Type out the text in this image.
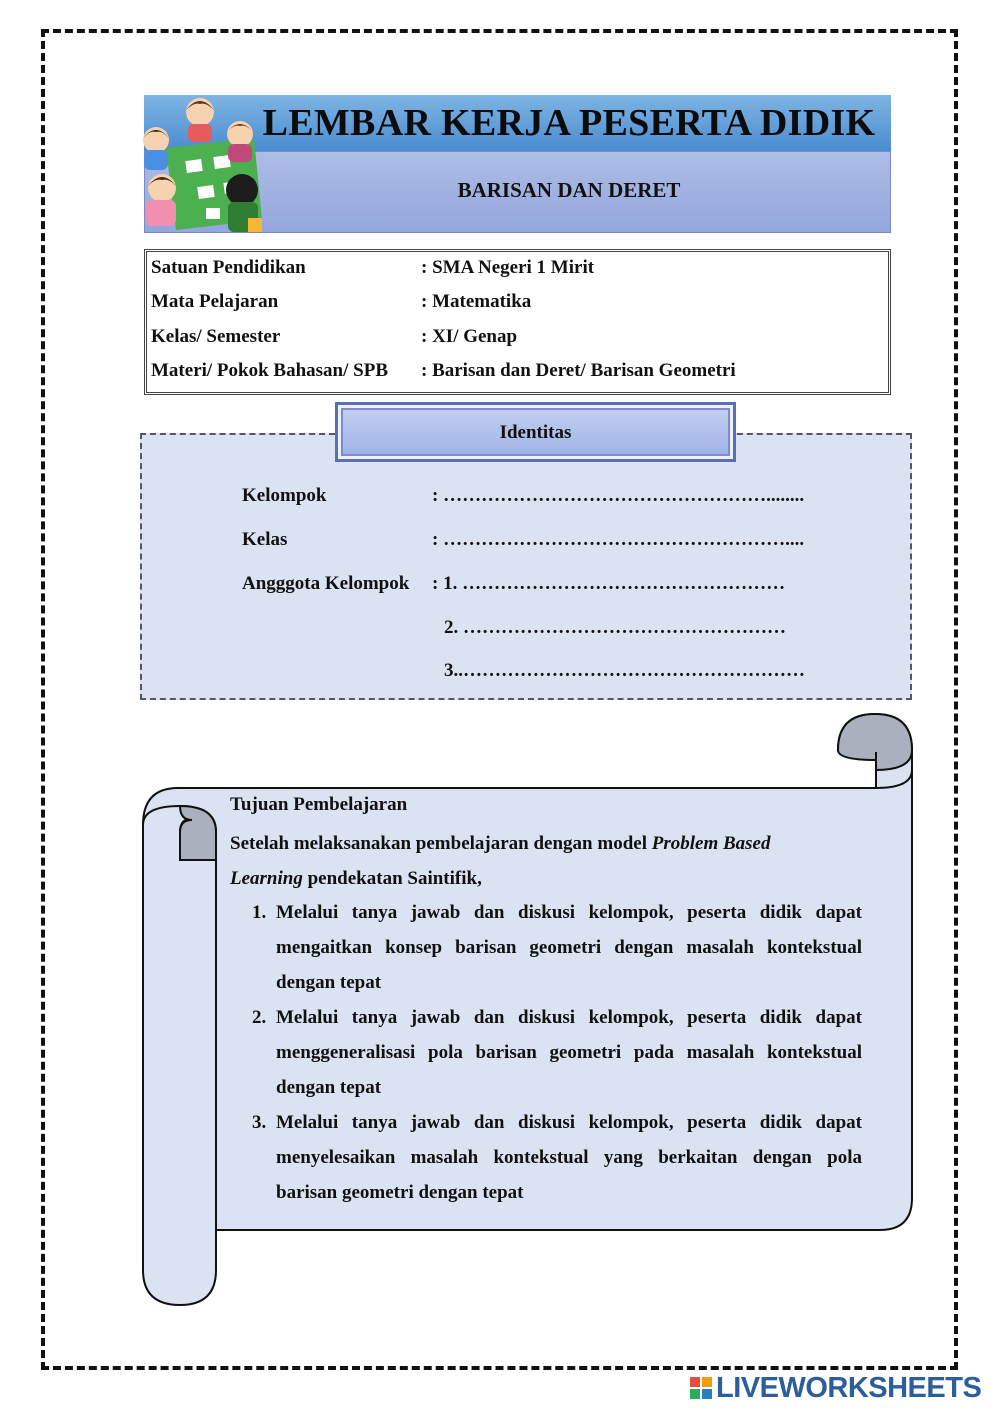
LEMBAR KERJA PESERTA DIDIK
BARISAN DAN DERET
Satuan Pendidikan	: SMA Negeri 1 Mirit
Mata Pelajaran	: Matematika
Kelas/ Semester	: XI/ Genap
Materi/ Pokok Bahasan/ SPB : Barisan dan Deret/ Barisan Geometri
Identitas
Kelompok	: ……………………………………………........
Kelas	: ………………………………………………....
Angggota Kelompok : 1. ……………………………………………
2. ……………………………………………
3..………………………………………………
Tujuan Pembelajaran
Setelah melaksanakan pembelajaran dengan model Problem Based Learning pendekatan Saintifik,
1. Melalui tanya jawab dan diskusi kelompok, peserta didik dapat mengaitkan konsep barisan geometri dengan masalah kontekstual dengan tepat
2. Melalui tanya jawab dan diskusi kelompok, peserta didik dapat menggeneralisasi pola barisan geometri pada masalah kontekstual dengan tepat
3. Melalui tanya jawab dan diskusi kelompok, peserta didik dapat menyelesaikan masalah kontekstual yang berkaitan dengan pola barisan geometri dengan tepat
LIVEWORKSHEETS
